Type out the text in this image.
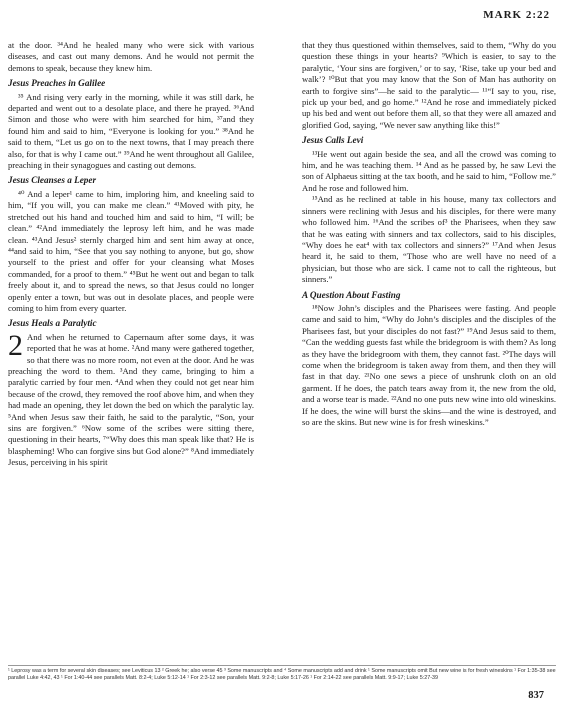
MARK 2:22

at the door. ³⁴And he healed many who were sick with various diseases, and cast out many demons. And he would not permit the demons to speak, because they knew him.

Jesus Preaches in Galilee

³⁵ And rising very early in the morning, while it was still dark, he departed and went out to a desolate place, and there he prayed. ³⁶And Simon and those who were with him searched for him, ³⁷and they found him and said to him, “Everyone is looking for you.” ³⁸And he said to them, “Let us go on to the next towns, that I may preach there also, for that is why I came out.” ³⁹And he went throughout all Galilee, preaching in their synagogues and casting out demons.

Jesus Cleanses a Leper

⁴⁰ And a leper¹ came to him, imploring him, and kneeling said to him, “If you will, you can make me clean.” ⁴¹Moved with pity, he stretched out his hand and touched him and said to him, “I will; be clean.” ⁴²And immediately the leprosy left him, and he was made clean. ⁴³And Jesus² sternly charged him and sent him away at once, ⁴⁴and said to him, “See that you say nothing to anyone, but go, show yourself to the priest and offer for your cleansing what Moses commanded, for a proof to them.” ⁴⁵But he went out and began to talk freely about it, and to spread the news, so that Jesus could no longer openly enter a town, but was out in desolate places, and people were coming to him from every quarter.

Jesus Heals a Paralytic
2 And when he returned to Capernaum after some days, it was reported that he was at home. ²And many were gathered together, so that there was no more room, not even at the door. And he was preaching the word to them. ³And they came, bringing to him a paralytic carried by four men. ⁴And when they could not get near him because of the crowd, they removed the roof above him, and when they had made an opening, they let down the bed on which the paralytic lay. ⁵And when Jesus saw their faith, he said to the paralytic, “Son, your sins are forgiven.” ⁶Now some of the scribes were sitting there, questioning in their hearts, ⁷“Why does this man speak like that? He is blaspheming! Who can forgive sins but God alone?” ⁸And immediately Jesus, perceiving in his spirit

that they thus questioned within themselves, said to them, “Why do you question these things in your hearts? ⁹Which is easier, to say to the paralytic, ‘Your sins are forgiven,’ or to say, ‘Rise, take up your bed and walk’? ¹⁰But that you may know that the Son of Man has authority on earth to forgive sins”—he said to the paralytic— ¹¹“I say to you, rise, pick up your bed, and go home.” ¹²And he rose and immediately picked up his bed and went out before them all, so that they were all amazed and glorified God, saying, “We never saw anything like this!”

Jesus Calls Levi

¹³He went out again beside the sea, and all the crowd was coming to him, and he was teaching them. ¹⁴ And as he passed by, he saw Levi the son of Alphaeus sitting at the tax booth, and he said to him, “Follow me.” And he rose and followed him.

¹⁵And as he reclined at table in his house, many tax collectors and sinners were reclining with Jesus and his disciples, for there were many who followed him. ¹⁶And the scribes of³ the Pharisees, when they saw that he was eating with sinners and tax collectors, said to his disciples, “Why does he eat⁴ with tax collectors and sinners?” ¹⁷And when Jesus heard it, he said to them, “Those who are well have no need of a physician, but those who are sick. I came not to call the righteous, but sinners.”

A Question About Fasting

¹⁸Now John’s disciples and the Pharisees were fasting. And people came and said to him, “Why do John’s disciples and the disciples of the Pharisees fast, but your disciples do not fast?” ¹⁹And Jesus said to them, “Can the wedding guests fast while the bridegroom is with them? As long as they have the bridegroom with them, they cannot fast. ²⁰The days will come when the bridegroom is taken away from them, and then they will fast in that day. ²¹No one sews a piece of unshrunk cloth on an old garment. If he does, the patch tears away from it, the new from the old, and a worse tear is made. ²²And no one puts new wine into old wineskins. If he does, the wine will burst the skins—and the wine is destroyed, and so are the skins. But new wine is for fresh wineskins.”

¹ Leprosy was a term for several skin diseases; see Leviticus 13 ² Greek he; also verse 45 ³ Some manuscripts and ⁴ Some manuscripts add and drink ¹ Some manuscripts omit But new wine is for fresh wineskins ¹ For 1:35-38 see parallel Luke 4:42, 43 ¹ For 1:40-44 see parallels Matt. 8:2-4; Luke 5:12-14 ¹ For 2:3-12 see parallels Matt. 9:2-8; Luke 5:17-26 ¹ For 2:14-22 see parallels Matt. 9:9-17; Luke 5:27-39
837
